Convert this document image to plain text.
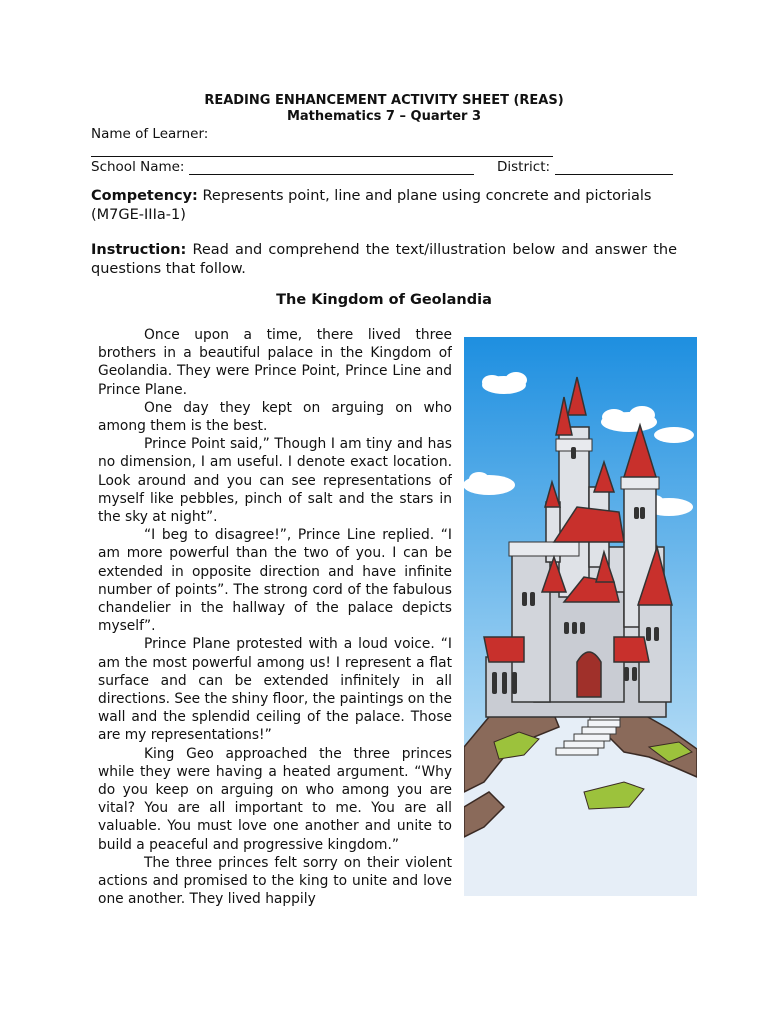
READING ENHANCEMENT ACTIVITY SHEET (REAS)
Mathematics 7 – Quarter 3
Name of Learner:
School Name:	District:
Competency: Represents point, line and plane using concrete and pictorials (M7GE-IIIa-1)
Instruction: Read and comprehend the text/illustration below and answer the questions that follow.
The Kingdom of Geolandia

Once upon a time, there lived three brothers in a beautiful palace in the Kingdom of Geolandia. They were Prince Point, Prince Line and Prince Plane.

One day they kept on arguing on who among them is the best.

Prince Point said,” Though I am tiny and has no dimension, I am useful. I denote exact location. Look around and you can see representations of myself like pebbles, pinch of salt and the stars in the sky at night”.

“I beg to disagree!”, Prince Line replied. “I am more powerful than the two of you. I can be extended in opposite direction and have infinite number of points”. The strong cord of the fabulous chandelier in the hallway of the palace depicts myself”.

Prince Plane protested with a loud voice. “I am the most powerful among us! I represent a flat surface and can be extended infinitely in all directions. See the shiny floor, the paintings on the wall and the splendid ceiling of the palace. Those are my representations!”

King Geo approached the three princes while they were having a heated argument. “Why do you keep on arguing on who among you are vital? You are all important to me. You are all valuable. You must love one another and unite to build a peaceful and progressive kingdom.”

The three princes felt sorry on their violent actions and promised to the king to unite and love one another. They lived happily
